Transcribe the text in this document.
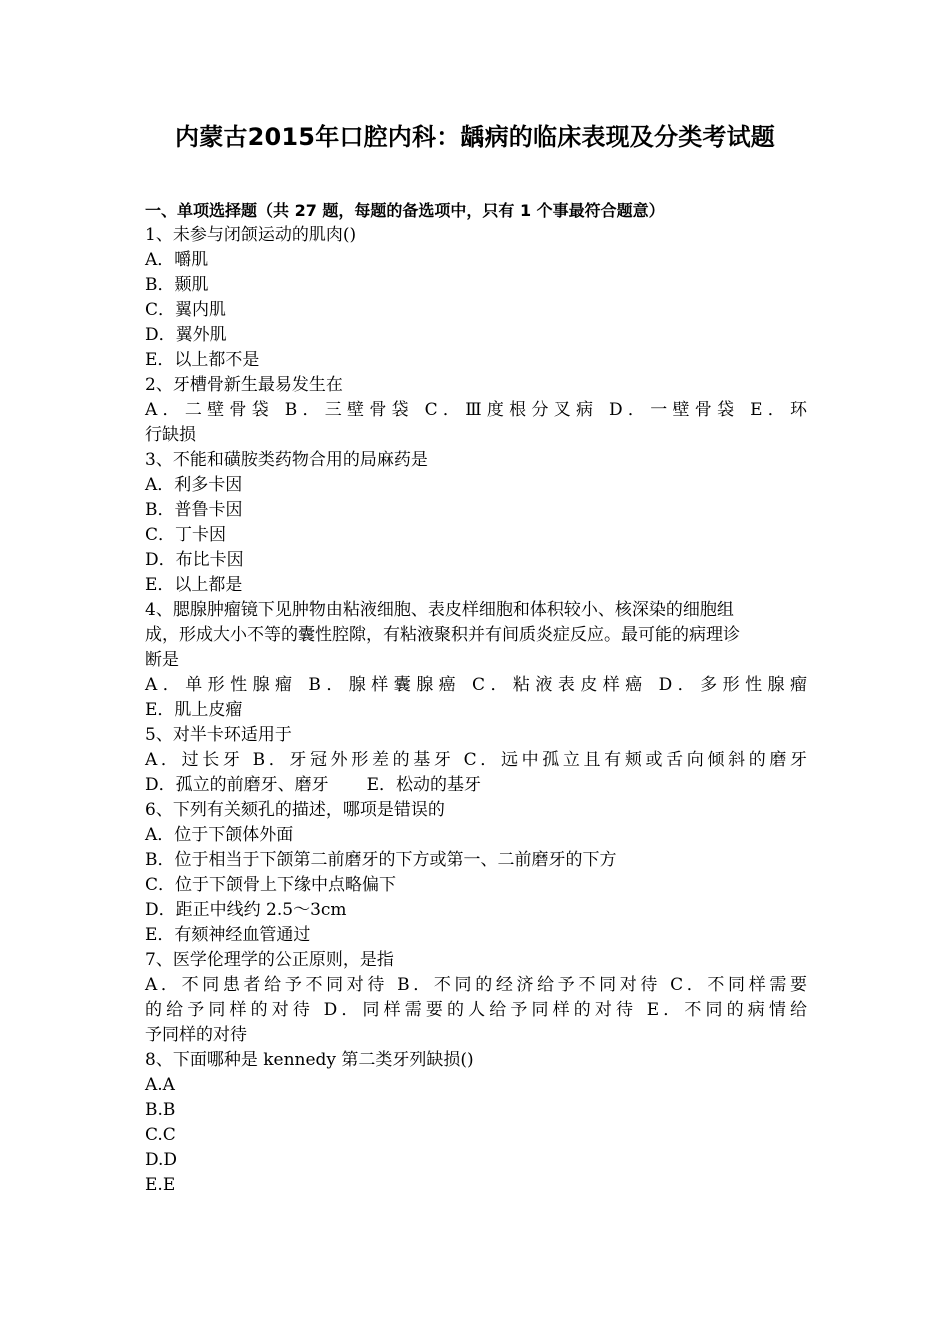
内蒙古2015年口腔内科：龋病的临床表现及分类考试题
一、单项选择题（共 27 题，每题的备选项中，只有 1 个事最符合题意）
1、未参与闭颌运动的肌肉()
A．嚼肌
B．颞肌
C．翼内肌
D．翼外肌
E．以上都不是
2、牙槽骨新生最易发生在
A．二壁骨袋 B．三壁骨袋 C．Ⅲ度根分叉病 D．一壁骨袋 E．环
行缺损
3、不能和磺胺类药物合用的局麻药是
A．利多卡因
B．普鲁卡因
C．丁卡因
D．布比卡因
E．以上都是
4、腮腺肿瘤镜下见肿物由粘液细胞、表皮样细胞和体积较小、核深染的细胞组
成，形成大小不等的囊性腔隙，有粘液聚积并有间质炎症反应。最可能的病理诊
断是
A．单形性腺瘤 B．腺样囊腺癌 C．粘液表皮样癌 D．多形性腺瘤
E．肌上皮瘤
5、对半卡环适用于
A．过长牙 B．牙冠外形差的基牙 C．远中孤立且有颊或舌向倾斜的磨牙
D．孤立的前磨牙、磨牙 E．松动的基牙
6、下列有关颏孔的描述，哪项是错误的
A．位于下颌体外面
B．位于相当于下颌第二前磨牙的下方或第一、二前磨牙的下方
C．位于下颌骨上下缘中点略偏下
D．距正中线约 2.5～3cm
E．有颏神经血管通过
7、医学伦理学的公正原则，是指
A．不同患者给予不同对待 B．不同的经济给予不同对待 C．不同样需要
的给予同样的对待 D．同样需要的人给予同样的对待 E．不同的病情给
予同样的对待
8、下面哪种是 kennedy 第二类牙列缺损()
A.A
B.B
C.C
D.D
E.E
